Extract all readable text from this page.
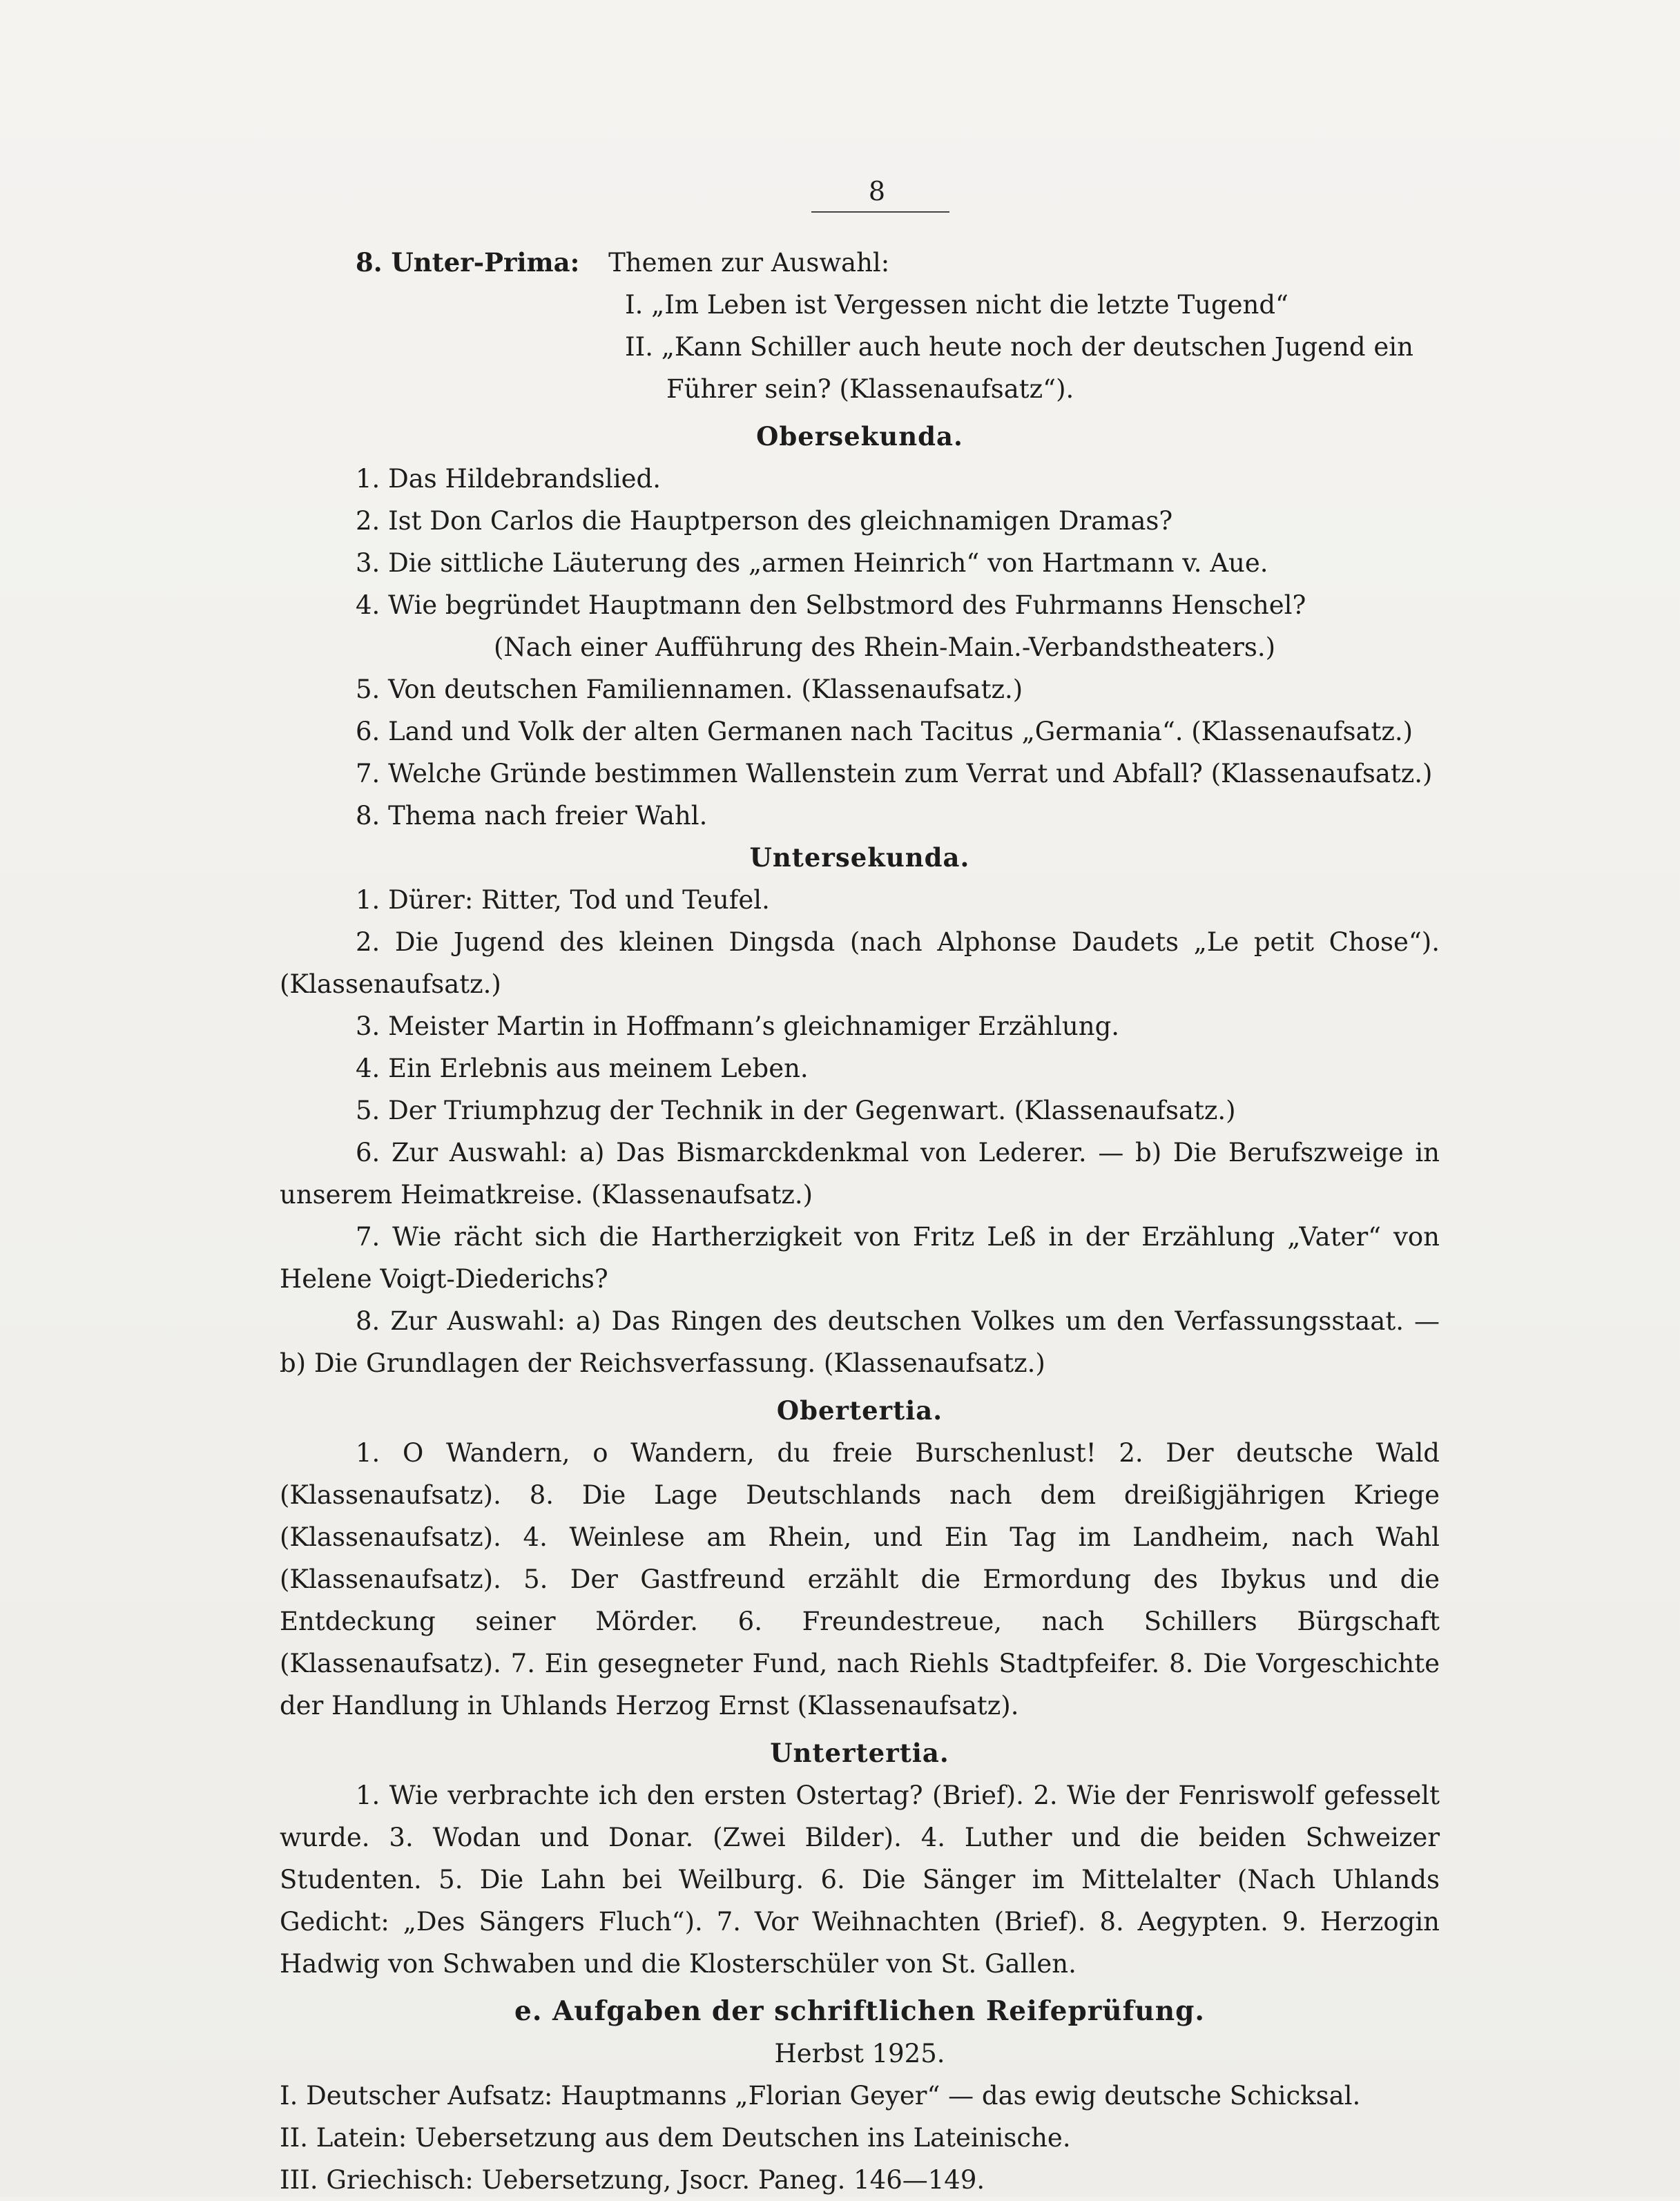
8
8. Unter-Prima: Themen zur Auswahl:
I. „Im Leben ist Vergessen nicht die letzte Tugend“
II. „Kann Schiller auch heute noch der deutschen Jugend ein
Führer sein? (Klassenaufsatz“).
Obersekunda.
1. Das Hildebrandslied.
2. Ist Don Carlos die Hauptperson des gleichnamigen Dramas?
3. Die sittliche Läuterung des „armen Heinrich“ von Hartmann v. Aue.
4. Wie begründet Hauptmann den Selbstmord des Fuhrmanns Henschel?
(Nach einer Aufführung des Rhein-Main.-Verbandstheaters.)
5. Von deutschen Familiennamen. (Klassenaufsatz.)
6. Land und Volk der alten Germanen nach Tacitus „Germania“. (Klassenaufsatz.)
7. Welche Gründe bestimmen Wallenstein zum Verrat und Abfall? (Klassenaufsatz.)
8. Thema nach freier Wahl.
Untersekunda.
1. Dürer: Ritter, Tod und Teufel.
2. Die Jugend des kleinen Dingsda (nach Alphonse Daudets „Le petit Chose“). (Klassenaufsatz.)
3. Meister Martin in Hoffmann’s gleichnamiger Erzählung.
4. Ein Erlebnis aus meinem Leben.
5. Der Triumphzug der Technik in der Gegenwart. (Klassenaufsatz.)
6. Zur Auswahl: a) Das Bismarckdenkmal von Lederer. — b) Die Berufszweige in unserem Heimatkreise. (Klassenaufsatz.)
7. Wie rächt sich die Hartherzigkeit von Fritz Leß in der Erzählung „Vater“ von Helene Voigt-Diederichs?
8. Zur Auswahl: a) Das Ringen des deutschen Volkes um den Verfassungsstaat. — b) Die Grundlagen der Reichsverfassung. (Klassenaufsatz.)
Obertertia.
1. O Wandern, o Wandern, du freie Burschenlust! 2. Der deutsche Wald (Klassenaufsatz). 8. Die Lage Deutschlands nach dem dreißigjährigen Kriege (Klassenaufsatz). 4. Weinlese am Rhein, und Ein Tag im Landheim, nach Wahl (Klassenaufsatz). 5. Der Gastfreund erzählt die Ermordung des Ibykus und die Entdeckung seiner Mörder. 6. Freundestreue, nach Schillers Bürgschaft (Klassenaufsatz). 7. Ein gesegneter Fund, nach Riehls Stadtpfeifer. 8. Die Vorgeschichte der Handlung in Uhlands Herzog Ernst (Klassenaufsatz).
Untertertia.
1. Wie verbrachte ich den ersten Ostertag? (Brief). 2. Wie der Fenriswolf gefesselt wurde. 3. Wodan und Donar. (Zwei Bilder). 4. Luther und die beiden Schweizer Studenten. 5. Die Lahn bei Weilburg. 6. Die Sänger im Mittelalter (Nach Uhlands Gedicht: „Des Sängers Fluch“). 7. Vor Weihnachten (Brief). 8. Aegypten. 9. Herzogin Hadwig von Schwaben und die Klosterschüler von St. Gallen.
e. Aufgaben der schriftlichen Reifeprüfung.
Herbst 1925.
I. Deutscher Aufsatz: Hauptmanns „Florian Geyer“ — das ewig deutsche Schicksal.
II. Latein: Uebersetzung aus dem Deutschen ins Lateinische.
III. Griechisch: Uebersetzung, Jsocr. Paneg. 146—149.
